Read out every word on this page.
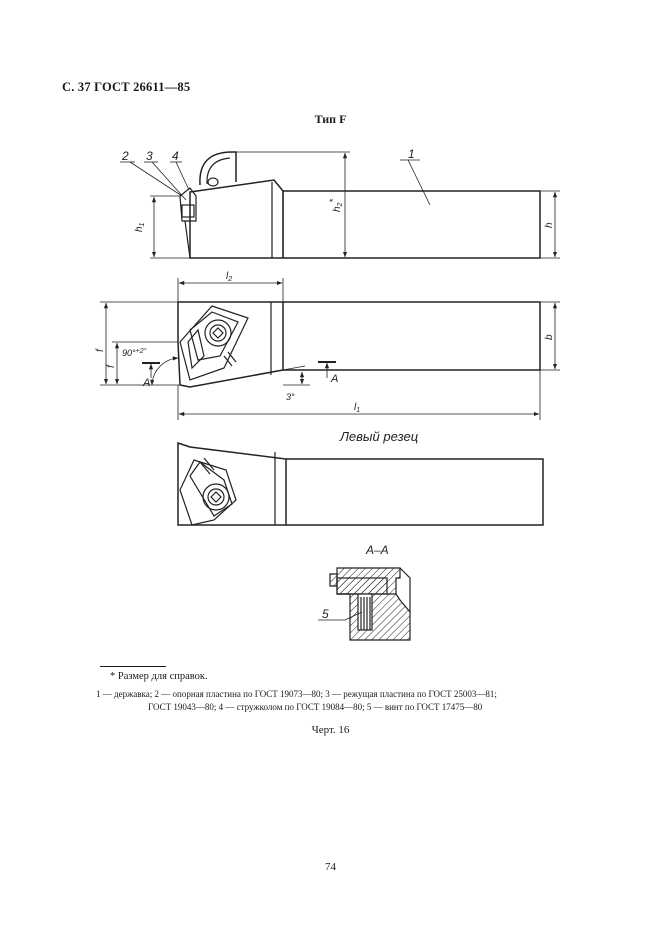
С. 37 ГОСТ 26611—85
Тип F
2 3 4	1
5
$h_1$
$h_2*$
h
$l_2$
$l_1$
b
f
f
90°$^{+2^\circ}$
3°
A	A
Левый резец
А–А
* Размер для справок.
1 — державка; 2 — опорная пластина по ГОСТ 19073—80; 3 — режущая пластина по ГОСТ 25003—81;
ГОСТ 19043—80; 4 — стружколом по ГОСТ 19084—80; 5 — винт по ГОСТ 17475—80
Черт. 16
74
